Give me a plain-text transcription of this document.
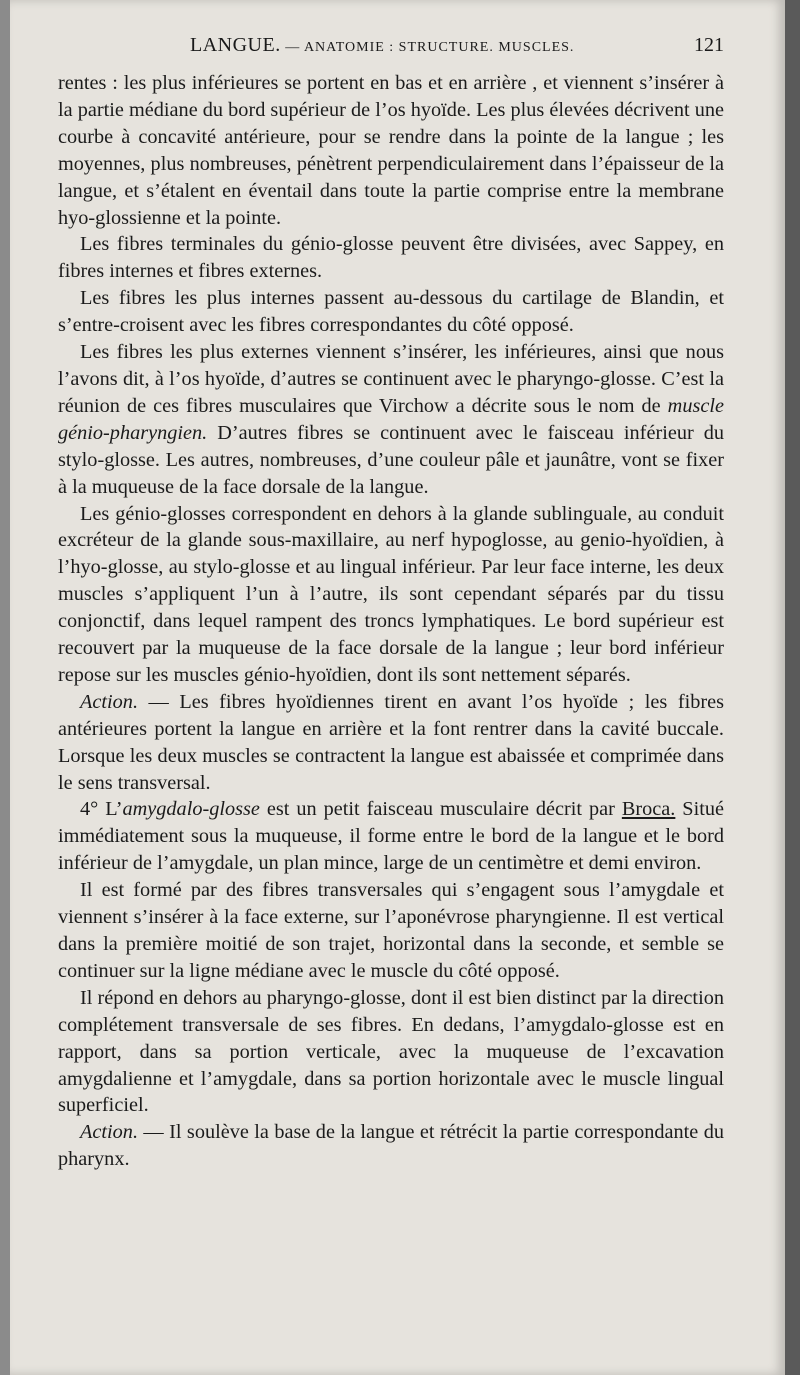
LANGUE. — ANATOMIE : STRUCTURE. MUSCLES.	121

rentes : les plus inférieures se portent en bas et en arrière , et viennent s’insérer à la partie médiane du bord supérieur de l’os hyoïde. Les plus élevées décrivent une courbe à concavité antérieure, pour se rendre dans la pointe de la langue ; les moyennes, plus nombreuses, pénètrent perpendiculairement dans l’épaisseur de la langue, et s’étalent en éventail dans toute la partie comprise entre la membrane hyo-glossienne et la pointe.

Les fibres terminales du génio-glosse peuvent être divisées, avec Sappey, en fibres internes et fibres externes.

Les fibres les plus internes passent au-dessous du cartilage de Blandin, et s’entre-croisent avec les fibres correspondantes du côté opposé.

Les fibres les plus externes viennent s’insérer, les inférieures, ainsi que nous l’avons dit, à l’os hyoïde, d’autres se continuent avec le pharyngo-glosse. C’est la réunion de ces fibres musculaires que Virchow a décrite sous le nom de muscle génio-pharyngien. D’autres fibres se continuent avec le faisceau inférieur du stylo-glosse. Les autres, nombreuses, d’une couleur pâle et jaunâtre, vont se fixer à la muqueuse de la face dorsale de la langue.

Les génio-glosses correspondent en dehors à la glande sublinguale, au conduit excréteur de la glande sous-maxillaire, au nerf hypoglosse, au genio-hyoïdien, à l’hyo-glosse, au stylo-glosse et au lingual inférieur. Par leur face interne, les deux muscles s’appliquent l’un à l’autre, ils sont cependant séparés par du tissu conjonctif, dans lequel rampent des troncs lymphatiques. Le bord supérieur est recouvert par la muqueuse de la face dorsale de la langue ; leur bord inférieur repose sur les muscles génio-hyoïdien, dont ils sont nettement séparés.

Action. — Les fibres hyoïdiennes tirent en avant l’os hyoïde ; les fibres antérieures portent la langue en arrière et la font rentrer dans la cavité buccale. Lorsque les deux muscles se contractent la langue est abaissée et comprimée dans le sens transversal.

4° L’amygdalo-glosse est un petit faisceau musculaire décrit par Broca. Situé immédiatement sous la muqueuse, il forme entre le bord de la langue et le bord inférieur de l’amygdale, un plan mince, large de un centimètre et demi environ.

Il est formé par des fibres transversales qui s’engagent sous l’amygdale et viennent s’insérer à la face externe, sur l’aponévrose pharyngienne. Il est vertical dans la première moitié de son trajet, horizontal dans la seconde, et semble se continuer sur la ligne médiane avec le muscle du côté opposé.

Il répond en dehors au pharyngo-glosse, dont il est bien distinct par la direction complétement transversale de ses fibres. En dedans, l’amygdalo-glosse est en rapport, dans sa portion verticale, avec la muqueuse de l’excavation amygdalienne et l’amygdale, dans sa portion horizontale avec le muscle lingual superficiel.

Action. — Il soulève la base de la langue et rétrécit la partie correspondante du pharynx.
